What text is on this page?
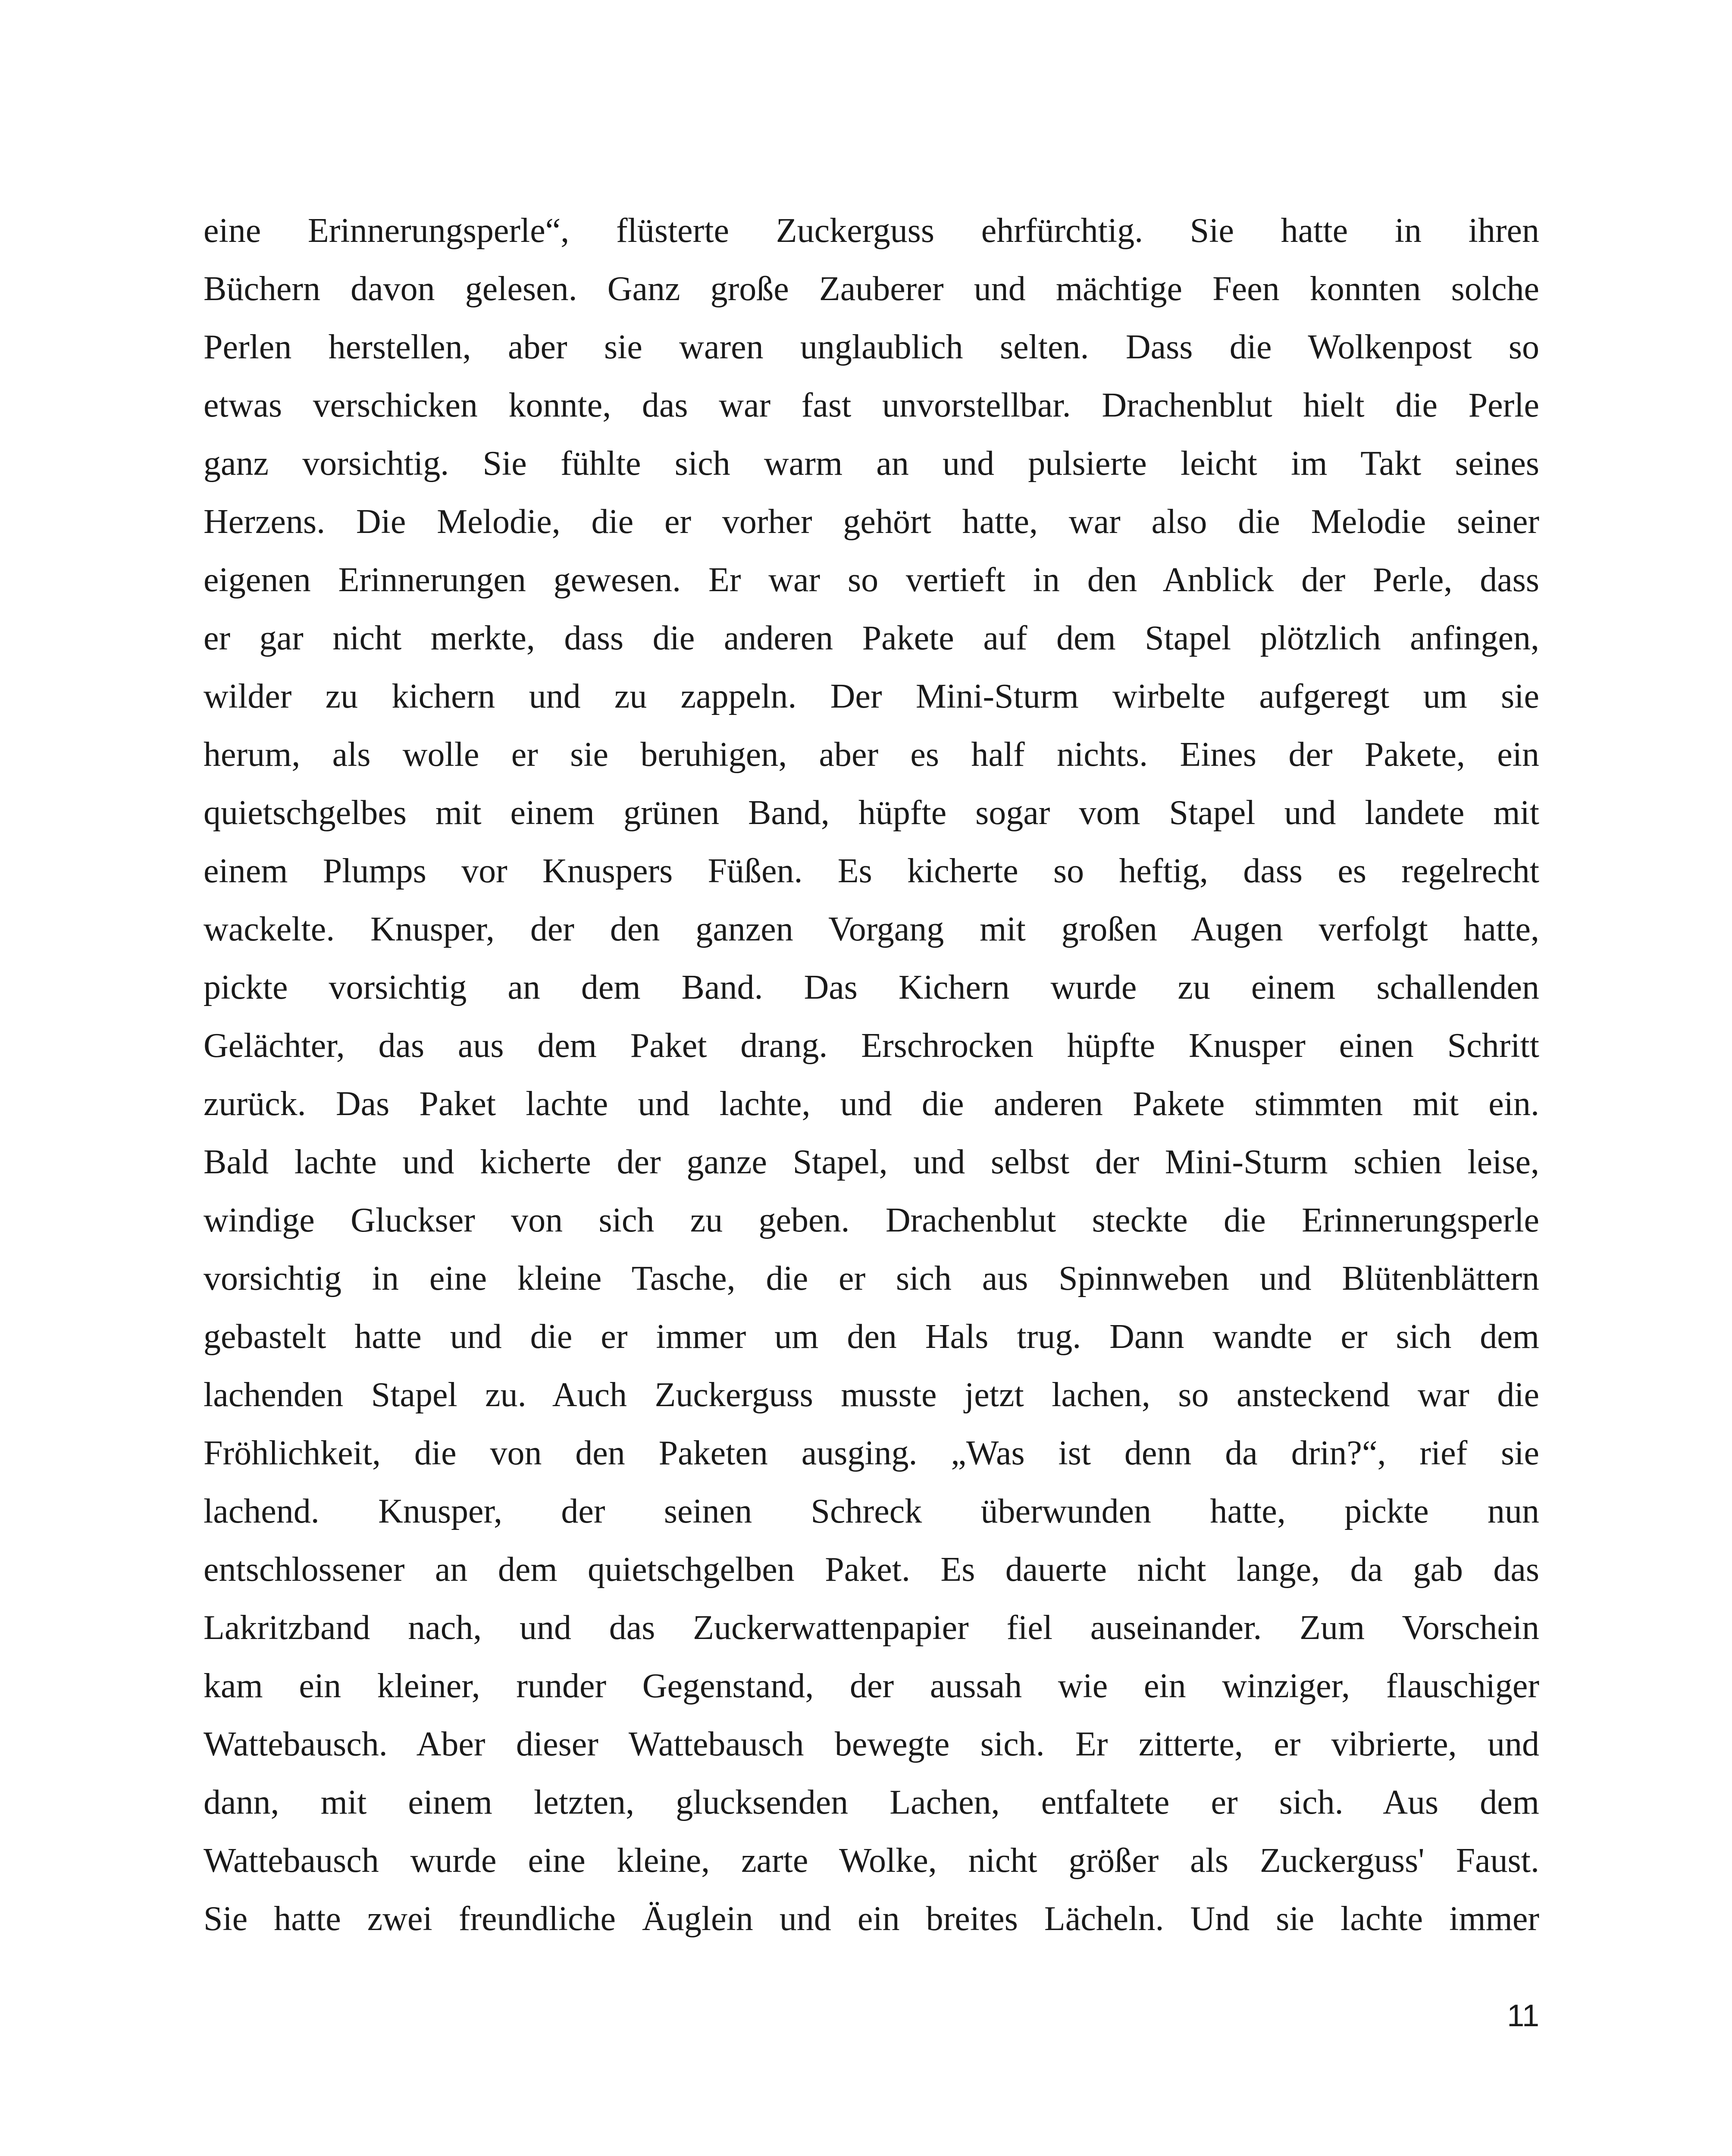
eine Erinnerungsperle“, flüsterte Zuckerguss ehrfürchtig. Sie hatte in ihren
Büchern davon gelesen. Ganz große Zauberer und mächtige Feen konnten solche
Perlen herstellen, aber sie waren unglaublich selten. Dass die Wolkenpost so
etwas verschicken konnte, das war fast unvorstellbar. Drachenblut hielt die Perle
ganz vorsichtig. Sie fühlte sich warm an und pulsierte leicht im Takt seines
Herzens. Die Melodie, die er vorher gehört hatte, war also die Melodie seiner
eigenen Erinnerungen gewesen. Er war so vertieft in den Anblick der Perle, dass
er gar nicht merkte, dass die anderen Pakete auf dem Stapel plötzlich anfingen,
wilder zu kichern und zu zappeln. Der Mini-Sturm wirbelte aufgeregt um sie
herum, als wolle er sie beruhigen, aber es half nichts. Eines der Pakete, ein
quietschgelbes mit einem grünen Band, hüpfte sogar vom Stapel und landete mit
einem Plumps vor Knuspers Füßen. Es kicherte so heftig, dass es regelrecht
wackelte. Knusper, der den ganzen Vorgang mit großen Augen verfolgt hatte,
pickte vorsichtig an dem Band. Das Kichern wurde zu einem schallenden
Gelächter, das aus dem Paket drang. Erschrocken hüpfte Knusper einen Schritt
zurück. Das Paket lachte und lachte, und die anderen Pakete stimmten mit ein.
Bald lachte und kicherte der ganze Stapel, und selbst der Mini-Sturm schien leise,
windige Gluckser von sich zu geben. Drachenblut steckte die Erinnerungsperle
vorsichtig in eine kleine Tasche, die er sich aus Spinnweben und Blütenblättern
gebastelt hatte und die er immer um den Hals trug. Dann wandte er sich dem
lachenden Stapel zu. Auch Zuckerguss musste jetzt lachen, so ansteckend war die
Fröhlichkeit, die von den Paketen ausging. „Was ist denn da drin?“, rief sie
lachend. Knusper, der seinen Schreck überwunden hatte, pickte nun
entschlossener an dem quietschgelben Paket. Es dauerte nicht lange, da gab das
Lakritzband nach, und das Zuckerwattenpapier fiel auseinander. Zum Vorschein
kam ein kleiner, runder Gegenstand, der aussah wie ein winziger, flauschiger
Wattebausch. Aber dieser Wattebausch bewegte sich. Er zitterte, er vibrierte, und
dann, mit einem letzten, glucksenden Lachen, entfaltete er sich. Aus dem
Wattebausch wurde eine kleine, zarte Wolke, nicht größer als Zuckerguss' Faust.
Sie hatte zwei freundliche Äuglein und ein breites Lächeln. Und sie lachte immer
11
